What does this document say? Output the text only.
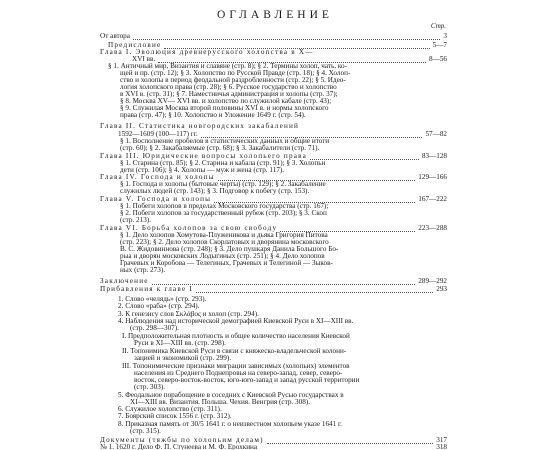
ОГЛАВЛЕНИЕ
Стр.
От автора	3
Предисловие	5—7
Глава I. Эволюция древнерусского холопства в X—
XVI вв.	8—56
§ 1. Античный мир, Византия и славяне (стр. 8); § 2. Термины холоп, чать, ко-
щей и пр. (стр. 12); § 3. Холопство по Русской Правде (стр. 18); § 4. Холоп-
ство и холопы в период феодальной раздробленности (стр. 22); § 5. Идео-
логия холопского права (стр. 28); § 6. Русское государство и холопство
в XVI в. (стр. 31); § 7. Наместничья администрация и холопы (стр. 37);
§ 8. Москва XV— XVI вв. и холопство по служилой кабале (стр. 43);
§ 9. Служилая Москва второй половины XVI в. и нормы холопского
права (стр. 47); § 10. Холопство и Уложение 1649 г. (стр. 54).
Глава II. Статистика новгородских закабалений
1592—1609 (100—117) гг.	57—82
§ 1. Восполнение пробелов в статистических данных и общие итоги
(стр. 60); § 2. Закабаляемые (стр. 68); § 3. Закабалители (стр. 71).
Глава III. Юридические вопросы холопьего права	83—128
§ 1. Старина (стр. 85); § 2. Старина и кабала (стр. 91); § 3. Холопьи
дети (стр. 106); § 4. Холопы — муж и жена (стр. 117).
Глава IV. Господа и холопы	129—166
§ 1. Господа и холопы (бытовые черты) (стр. 129); § 2. Закабаление
служилых людей (стр. 143); § 3. Подговор к побегу (стр. 153).
Глава V. Господа и холопы	167—222
§ 1. Побеги холопов в пределах Московского государства (стр. 167);
§ 2. Побеги холопов за государственный рубеж (стр. 203); § 3. Скоп
(стр. 213).
Глава VI. Борьба холопов за свою свободу	223—288
§ 1. Дело холопов Хомутова-Плуженикова и дьяка Григория Питова
(стр. 223); § 2. Дело холопов Скорлатовых и дворянина московского
В. С. Жидовиннова (стр. 248); § 3. Дело пушкаря Данила Большого Бо-
рыа и дворян московских Лодыгиных (стр. 251); § 4. Дело холопов
Грачевых и Коробова — Телегиных, Грачевых и Телегиной — Зыков-
ных (стр. 273).
Заключение	289—292
Прибавления к главе I	293
1. Слово «челядь» (стр. 293).
2. Слово «раба» (стр. 294).
3. К генезису слов Σκλάβος и холоп (стр. 294).
4. Наблюдения над исторической демографией Киевской Руси в XI—XIII вв.
(стр. 298—307).
I. Предположительная плотность и общее количество населения Киевской
Руси в XI—XIII вв. (стр. 298).
II. Топонимика Киевской Руси в связи с княжеско-владельческой колони-
зацией и экономикой (стр. 299).
III. Топонимические признаки миграции зависимых (холопьих) элементов
населения из Среднего Поднепровья на северо-запад, север, северо-
восток, северо-восток-восток, юго-юго-запад и запад русской территории
(стр. 303).
5. Феодальное порабощение в соседних с Киевской Русью государствах в
XI—XIII вв. Византия. Польша. Чехия. Венгрия (стр. 308).
6. Служилое холопство (стр. 311).
7. Боярский список 1556 г. (стр. 312).
8. Приказная память от 30/5 1641 г. о неизвестном холопьем указе 1641 г.
(стр. 315).
Документы (тяжбы по холопьим делам)	317
№ 1. 1620 г. Дело Ф. П. Стунеева и М. Ф. Ерохкина	318
